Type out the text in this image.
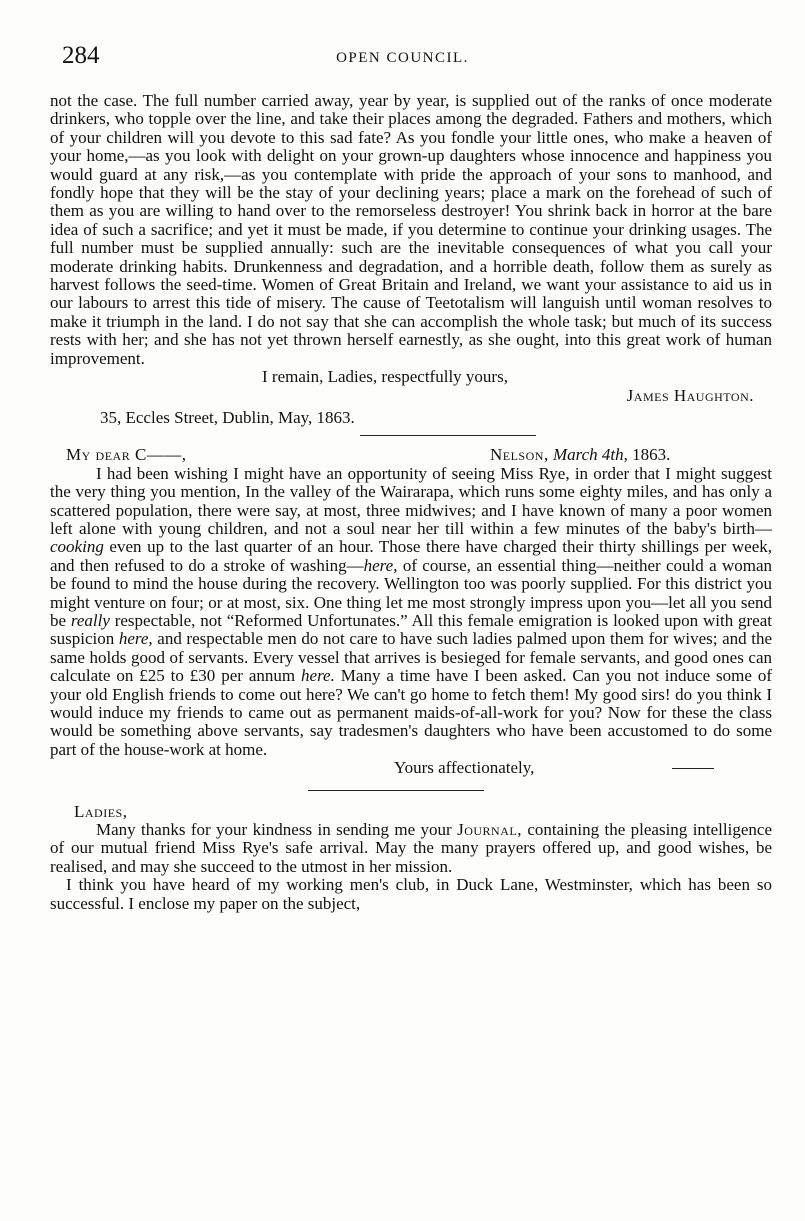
284	OPEN COUNCIL.

not the case. The full number carried away, year by year, is supplied out of the ranks of once moderate drinkers, who topple over the line, and take their places among the degraded. Fathers and mothers, which of your children will you devote to this sad fate? As you fondle your little ones, who make a heaven of your home,—as you look with delight on your grown-up daughters whose innocence and happiness you would guard at any risk,—as you contemplate with pride the approach of your sons to manhood, and fondly hope that they will be the stay of your declining years; place a mark on the forehead of such of them as you are willing to hand over to the remorseless destroyer! You shrink back in horror at the bare idea of such a sacrifice; and yet it must be made, if you determine to continue your drinking usages. The full number must be supplied annually: such are the inevitable consequences of what you call your moderate drinking habits. Drunkenness and degradation, and a horrible death, follow them as surely as harvest follows the seed-time. Women of Great Britain and Ireland, we want your assistance to aid us in our labours to arrest this tide of misery. The cause of Teetotalism will languish until woman resolves to make it triumph in the land. I do not say that she can accomplish the whole task; but much of its success rests with her; and she has not yet thrown herself earnestly, as she ought, into this great work of human improvement.

I remain, Ladies, respectfully yours,

James Haughton.

35, Eccles Street, Dublin, May, 1863.

My dear C——,	Nelson, March 4th, 1863.

I had been wishing I might have an opportunity of seeing Miss Rye, in order that I might suggest the very thing you mention, In the valley of the Wairarapa, which runs some eighty miles, and has only a scattered population, there were say, at most, three midwives; and I have known of many a poor women left alone with young children, and not a soul near her till within a few minutes of the baby's birth—cooking even up to the last quarter of an hour. Those there have charged their thirty shillings per week, and then refused to do a stroke of washing—here, of course, an essential thing—neither could a woman be found to mind the house during the recovery. Wellington too was poorly supplied. For this district you might venture on four; or at most, six. One thing let me most strongly impress upon you—let all you send be really respectable, not “Reformed Unfortunates.” All this female emigration is looked upon with great suspicion here, and respectable men do not care to have such ladies palmed upon them for wives; and the same holds good of servants. Every vessel that arrives is besieged for female servants, and good ones can calculate on £25 to £30 per annum here. Many a time have I been asked. Can you not induce some of your old English friends to come out here? We can't go home to fetch them! My good sirs! do you think I would induce my friends to came out as permanent maids-of-all-work for you? Now for these the class would be something above servants, say tradesmen's daughters who have been accustomed to do some part of the house-work at home.

Yours affectionately,

Ladies,

Many thanks for your kindness in sending me your Journal, containing the pleasing intelligence of our mutual friend Miss Rye's safe arrival. May the many prayers offered up, and good wishes, be realised, and may she succeed to the utmost in her mission.

I think you have heard of my working men's club, in Duck Lane, Westminster, which has been so successful. I enclose my paper on the subject,
